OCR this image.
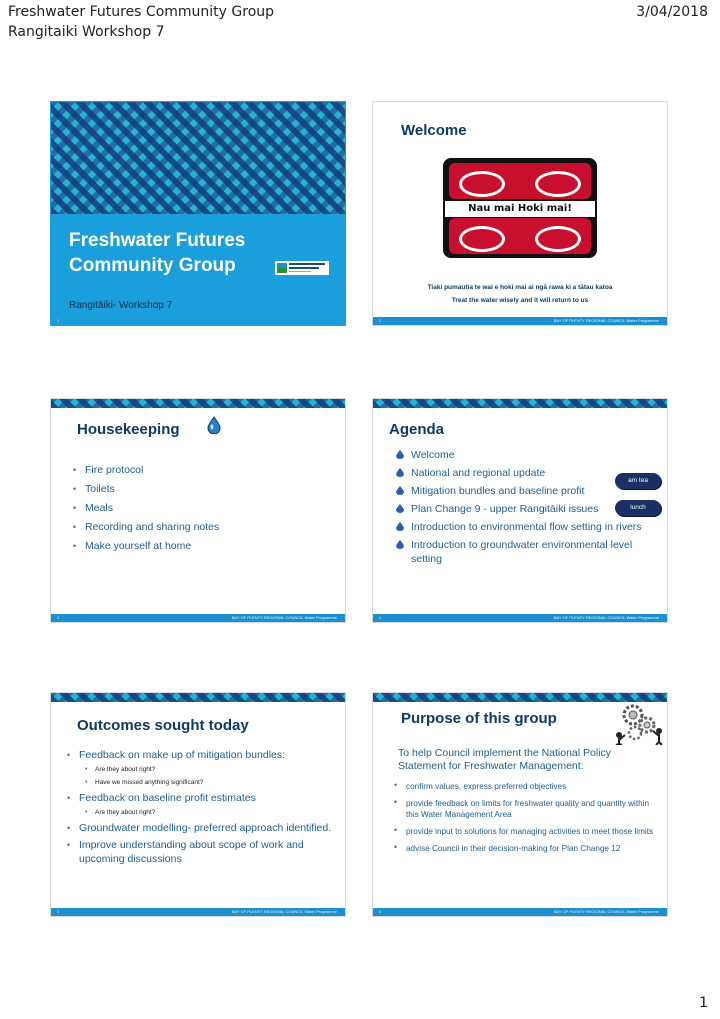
Freshwater Futures Community Group
Rangitaiki Workshop 7
3/04/2018
Freshwater Futures Community Group
Rangitāiki- Workshop 7
1
Welcome
Nau mai Hoki mai!
Tiaki pumautia te wai e hoki mai ai ngā rawa ki a tātau katoa
Treat the water wisely and it will return to us
2	BAY OF PLENTY REGIONAL COUNCIL Water Programme
Housekeeping
• Fire protocol
• Toilets
• Meals
• Recording and sharing notes
• Make yourself at home
3	BAY OF PLENTY REGIONAL COUNCIL Water Programme
Agenda
Welcome
National and regional update
Mitigation bundles and baseline profit
Plan Change 9 - upper Rangitāiki issues
Introduction to environmental flow setting in rivers
Introduction to groundwater environmental level setting
am tea
lunch
4	BAY OF PLENTY REGIONAL COUNCIL Water Programme
Outcomes sought today
• Feedback on make up of mitigation bundles:
• Are they about right?
• Have we missed anything significant?
• Feedback on baseline profit estimates
• Are they about right?
• Groundwater modelling- preferred approach identified.
• Improve understanding about scope of work and upcoming discussions
5	BAY OF PLENTY REGIONAL COUNCIL Water Programme
Purpose of this group
To help Council implement the National Policy Statement for Freshwater Management:
• confirm values, express preferred objectives
• provide feedback on limits for freshwater quality and quantity within this Water Management Area
• provide input to solutions for managing activities to meet those limits
• advise Council in their decision-making for Plan Change 12
6	BAY OF PLENTY REGIONAL COUNCIL Water Programme
1
